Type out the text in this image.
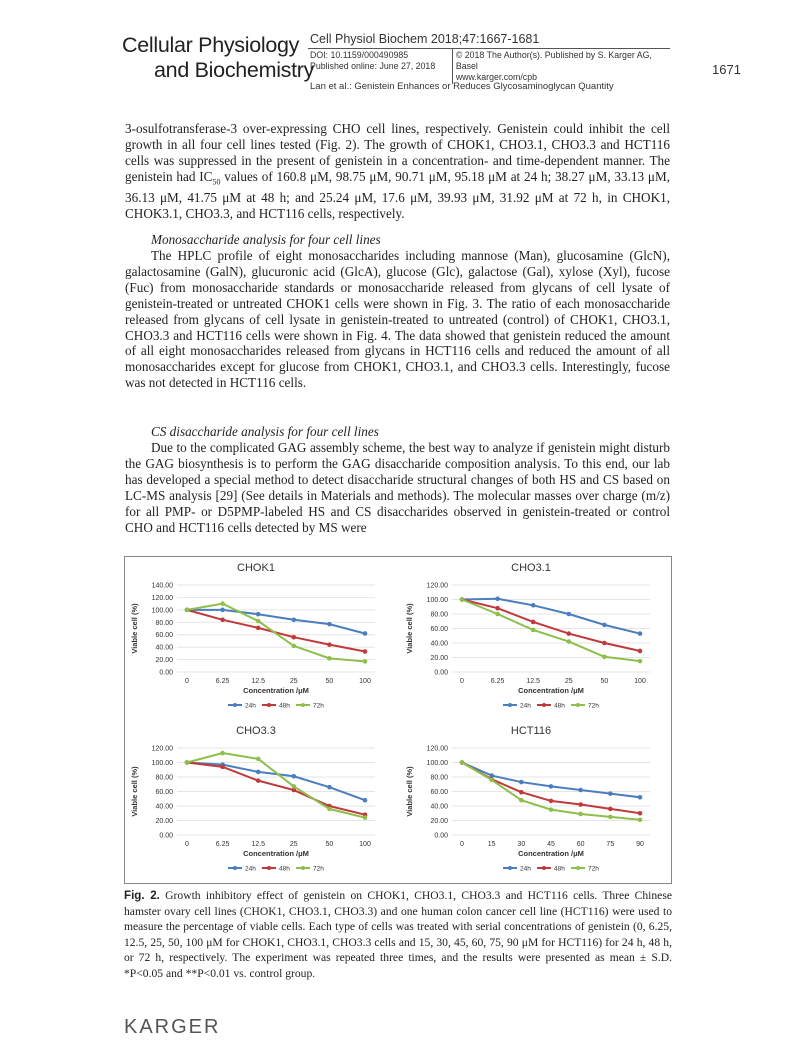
Cellular Physiology
and Biochemistry
Cell Physiol Biochem 2018;47:1667-1681
DOI: 10.1159/000490985
Published online: June 27, 2018
© 2018 The Author(s). Published by S. Karger AG, Basel
www.karger.com/cpb	1671
Lan et al.: Genistein Enhances or Reduces Glycosaminoglycan Quantity
3-osulfotransferase-3 over-expressing CHO cell lines, respectively. Genistein could inhibit the cell growth in all four cell lines tested (Fig. 2). The growth of CHOK1, CHO3.1, CHO3.3 and HCT116 cells was suppressed in the present of genistein in a concentration- and time-dependent manner. The genistein had $IC_{50}$ values of 160.8 μM, 98.75 μM, 90.71 μM, 95.18 μM at 24 h; 38.27 μM, 33.13 μM, 36.13 μM, 41.75 μM at 48 h; and 25.24 μM, 17.6 μM, 39.93 μM, 31.92 μM at 72 h, in CHOK1, CHOK3.1, CHO3.3, and HCT116 cells, respectively.
Monosaccharide analysis for four cell lines
The HPLC profile of eight monosaccharides including mannose (Man), glucosamine (GlcN), galactosamine (GalN), glucuronic acid (GlcA), glucose (Glc), galactose (Gal), xylose (Xyl), fucose (Fuc) from monosaccharide standards or monosaccharide released from glycans of cell lysate of genistein-treated or untreated CHOK1 cells were shown in Fig. 3. The ratio of each monosaccharide released from glycans of cell lysate in genistein-treated to untreated (control) of CHOK1, CHO3.1, CHO3.3 and HCT116 cells were shown in Fig. 4. The data showed that genistein reduced the amount of all eight monosaccharides released from glycans in HCT116 cells and reduced the amount of all monosaccharides except for glucose from CHOK1, CHO3.1, and CHO3.3 cells. Interestingly, fucose was not detected in HCT116 cells.
CS disaccharide analysis for four cell lines
Due to the complicated GAG assembly scheme, the best way to analyze if genistein might disturb the GAG biosynthesis is to perform the GAG disaccharide composition analysis. To this end, our lab has developed a special method to detect disaccharide structural changes of both HS and CS based on LC-MS analysis [29] (See details in Materials and methods). The molecular masses over charge (m/z) for all PMP- or D5PMP-labeled HS and CS disaccharides observed in genistein-treated or control CHO and HCT116 cells detected by MS were
CHOK1
0.00
20.00
40.00
60.00
80.00
100.00
120.00
140.00
0	6.25	12.5	25	50	100
Concentration /μM
Viable cell (%)
24h	48h	72h
CHO3.1
0.00
20.00
40.00
60.00
80.00
100.00
120.00
0	6.25	12.5	25	50	100
Concentration /μM
Viable cell (%)
24h	48h	72h
CHO3.3
0.00
20.00
40.00
60.00
80.00
100.00
120.00
0	6.25	12.5	25	50	100
Concentration /μM
Viable cell (%)
24h	48h	72h
HCT116
0.00
20.00
40.00
60.00
80.00
100.00
120.00
0	15	30	45	60	75	90
Concentration /μM
Viable cell (%)
24h	48h	72h
Fig. 2. Growth inhibitory effect of genistein on CHOK1, CHO3.1, CHO3.3 and HCT116 cells. Three Chinese hamster ovary cell lines (CHOK1, CHO3.1, CHO3.3) and one human colon cancer cell line (HCT116) were used to measure the percentage of viable cells. Each type of cells was treated with serial concentrations of genistein (0, 6.25, 12.5, 25, 50, 100 μM for CHOK1, CHO3.1, CHO3.3 cells and 15, 30, 45, 60, 75, 90 μM for HCT116) for 24 h, 48 h, or 72 h, respectively. The experiment was repeated three times, and the results were presented as mean ± S.D. *P<0.05 and **P<0.01 vs. control group.
KARGER
